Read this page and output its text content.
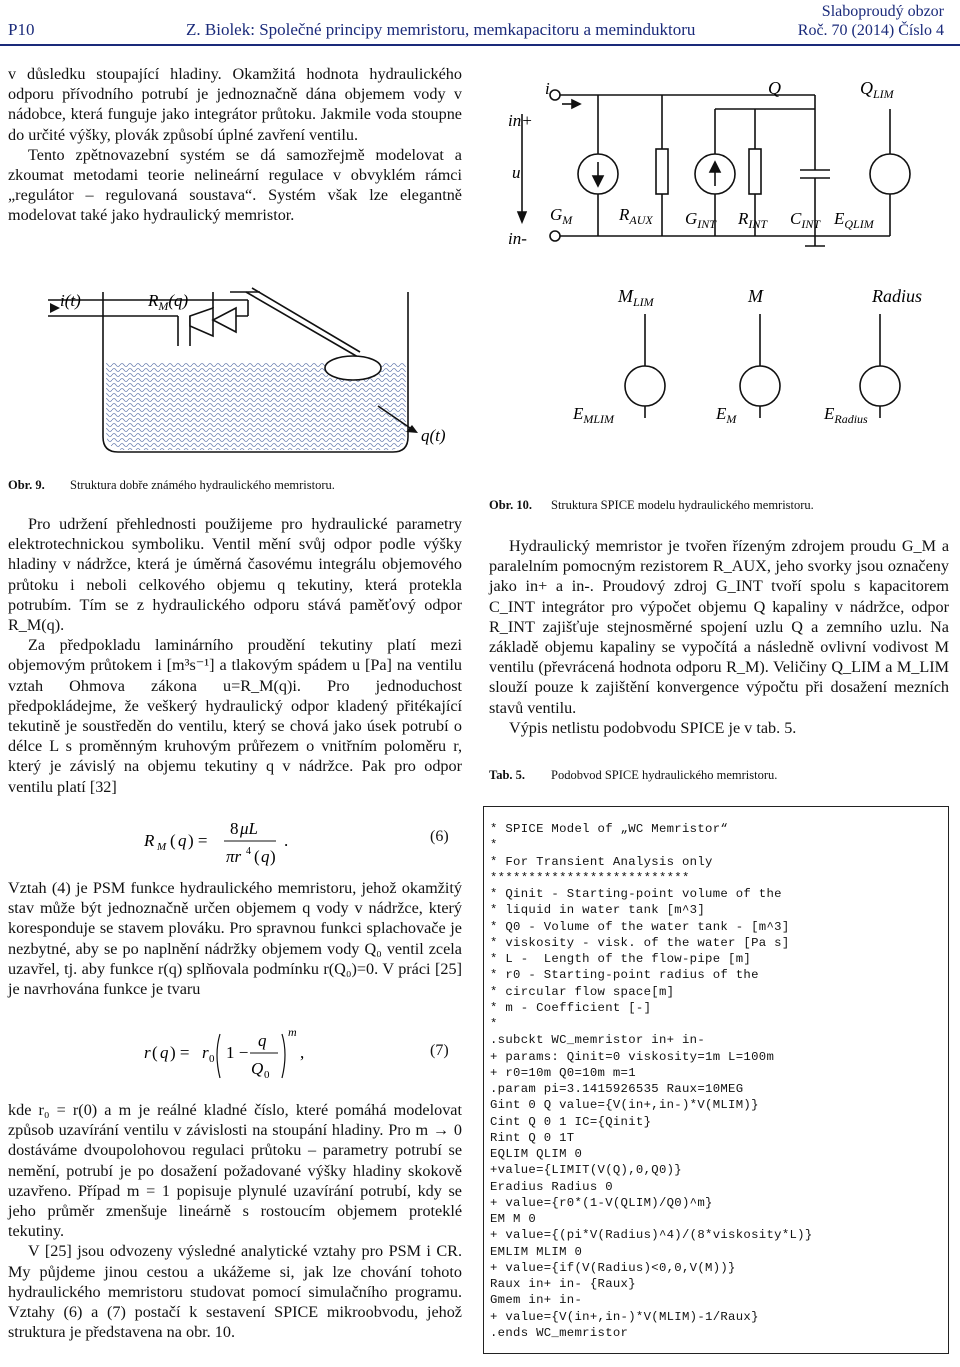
P10	Z. Biolek: Společné principy memristoru, memkapacitoru a meminduktoru
Slaboproudý obzor
Roč. 70 (2014) Číslo 4

v důsledku stoupající hladiny. Okamžitá hodnota hydraulického odporu přívodního potrubí je jednoznačně dána objemem vody v nádobce, která funguje jako integrátor průtoku. Jakmile voda stoupne do určité výšky, plovák způsobí úplné zavření ventilu.

Tento zpětnovazební systém se dá samozřejmě modelovat a zkoumat metodami teorie nelineární regulace v obvyklém rámci „regulátor – regulovaná soustava“. Systém však lze elegantně modelovat také jako hydraulický memristor.

in+
u
in-
i	Q	$Q_{LIM}$
$G_M$	$R_{AUX}$ $G_{INT}$ $R_{INT}$ $C_{INT}$ $E_{QLIM}$
i(t)	$R_M(q)$
q(t)
$M_{LIM}$	M	Radius
$E_{MLIM}$	$E_M$	$E_{Radius}$
Obr. 9. Struktura dobře známého hydraulického memristoru.
Obr. 10. Struktura SPICE modelu hydraulického memristoru.

Pro udržení přehlednosti použijeme pro hydraulické parametry elektrotechnickou symboliku. Ventil mění svůj odpor podle výšky hladiny v nádržce, která je úměrná časovému integrálu objemového průtoku i neboli celkového objemu q tekutiny, která protekla potrubím. Tím se z hydraulického odporu stává paměťový odpor R_M(q).

Za předpokladu laminárního proudění tekutiny platí mezi objemovým průtokem i [m³s⁻¹] a tlakovým spádem u [Pa] na ventilu vztah Ohmova zákona u=R_M(q)i. Pro jednoduchost předpokládejme, že veškerý hydraulický odpor kladený přitékající tekutině je soustředěn do ventilu, který se chová jako úsek potrubí o délce L s proměnným kruhovým průřezem o vnitřním poloměru r, který je závislý na objemu tekutiny q v nádržce. Pak pro odpor ventilu platí [32]

R M ( q ) =
8 μL
πr 4 ( q )
.	(6)

Vztah (4) je PSM funkce hydraulického memristoru, jehož okamžitý stav může být jednoznačně určen objemem q vody v nádržce, který koresponduje se stavem plováku. Pro spravnou funkci splachovače je nezbytné, aby se po naplnění nádržky objemem vody Q₀ ventil zcela uzavřel, tj. aby funkce r(q) splňovala podmínku r(Q₀)=0. V práci [25] je navrhována funkce je tvaru

r ( q ) = r 0 1 −
q
Q 0
m
,	(7)

kde r₀ = r(0) a m je reálné kladné číslo, které pomáhá modelovat způsob uzavírání ventilu v závislosti na stoupání hladiny. Pro m → 0 dostáváme dvoupolohovou regulaci průtoku – parametry potrubí se nemění, potrubí je po dosažení požadované výšky hladiny skokově uzavřeno. Případ m = 1 popisuje plynulé uzavírání potrubí, kdy se jeho průměr zmenšuje lineárně s rostoucím objemem proteklé tekutiny.

V [25] jsou odvozeny výsledné analytické vztahy pro PSM i CR. My půjdeme jinou cestou a ukážeme si, jak lze chování tohoto hydraulického memristoru studovat pomocí simulačního programu. Vztahy (6) a (7) postačí k sestavení SPICE mikroobvodu, jehož struktura je představena na obr. 10.

Hydraulický memristor je tvořen řízeným zdrojem proudu G_M a paralelním pomocným rezistorem R_AUX, jeho svorky jsou označeny jako in+ a in-. Proudový zdroj G_INT tvoří spolu s kapacitorem C_INT integrátor pro výpočet objemu Q kapaliny v nádržce, odpor R_INT zajišťuje stejnosměrné spojení uzlu Q a zemního uzlu. Na základě objemu kapaliny se vypočítá a následně ovlivní vodivost M ventilu (převrácená hodnota odporu R_M). Veličiny Q_LIM a M_LIM slouží pouze k zajištění konvergence výpočtu při dosažení mezních stavů ventilu.

Výpis netlistu podobvodu SPICE je v tab. 5.

Tab. 5. Podobvod SPICE hydraulického memristoru.
* SPICE Model of „WC Memristor“
*
* For Transient Analysis only
**************************
* Qinit - Starting-point volume of the
* liquid in water tank [m^3]
* Q0 - Volume of the water tank - [m^3]
* viskosity - visk. of the water [Pa s]
* L -  Length of the flow-pipe [m]
* r0 - Starting-point radius of the
* circular flow space[m]
* m - Coefficient [-]
*
.subckt WC_memristor in+ in-
+ params: Qinit=0 viskosity=1m L=100m
+ r0=10m Q0=10m m=1
.param pi=3.1415926535 Raux=10MEG
Gint 0 Q value={V(in+,in-)*V(MLIM)}
Cint Q 0 1 IC={Qinit}
Rint Q 0 1T
EQLIM QLIM 0
+value={LIMIT(V(Q),0,Q0)}
Eradius Radius 0
+ value={r0*(1-V(QLIM)/Q0)^m}
EM M 0
+ value={(pi*V(Radius)^4)/(8*viskosity*L)}
EMLIM MLIM 0
+ value={if(V(Radius)<0,0,V(M))}
Raux in+ in- {Raux}
Gmem in+ in-
+ value={V(in+,in-)*V(MLIM)-1/Raux}
.ends WC_memristor
